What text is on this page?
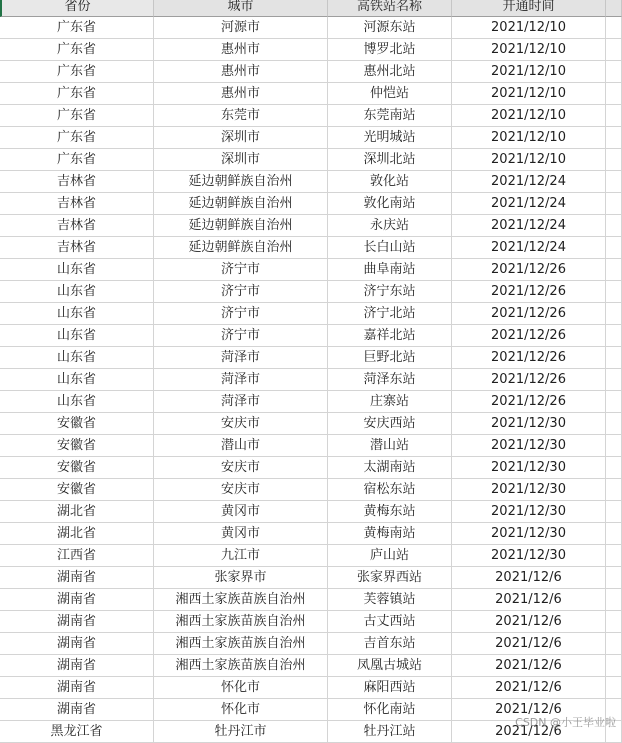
省份	城市	高铁站名称	开通时间
广东省	河源市	河源东站	2021/12/10
广东省	惠州市	博罗北站	2021/12/10
广东省	惠州市	惠州北站	2021/12/10
广东省	惠州市	仲恺站	2021/12/10
广东省	东莞市	东莞南站	2021/12/10
广东省	深圳市	光明城站	2021/12/10
广东省	深圳市	深圳北站	2021/12/10
吉林省	延边朝鲜族自治州	敦化站	2021/12/24
吉林省	延边朝鲜族自治州	敦化南站	2021/12/24
吉林省	延边朝鲜族自治州	永庆站	2021/12/24
吉林省	延边朝鲜族自治州	长白山站	2021/12/24
山东省	济宁市	曲阜南站	2021/12/26
山东省	济宁市	济宁东站	2021/12/26
山东省	济宁市	济宁北站	2021/12/26
山东省	济宁市	嘉祥北站	2021/12/26
山东省	菏泽市	巨野北站	2021/12/26
山东省	菏泽市	菏泽东站	2021/12/26
山东省	菏泽市	庄寨站	2021/12/26
安徽省	安庆市	安庆西站	2021/12/30
安徽省	潜山市	潜山站	2021/12/30
安徽省	安庆市	太湖南站	2021/12/30
安徽省	安庆市	宿松东站	2021/12/30
湖北省	黄冈市	黄梅东站	2021/12/30
湖北省	黄冈市	黄梅南站	2021/12/30
江西省	九江市	庐山站	2021/12/30
湖南省	张家界市	张家界西站	2021/12/6
湖南省	湘西土家族苗族自治州	芙蓉镇站	2021/12/6
湖南省	湘西土家族苗族自治州	古丈西站	2021/12/6
湖南省	湘西土家族苗族自治州	吉首东站	2021/12/6
湖南省	湘西土家族苗族自治州	凤凰古城站	2021/12/6
湖南省	怀化市	麻阳西站	2021/12/6
湖南省	怀化市	怀化南站	2021/12/6
黑龙江省	牡丹江市	牡丹江站	2021/12/6
CSDN @小王毕业啦
